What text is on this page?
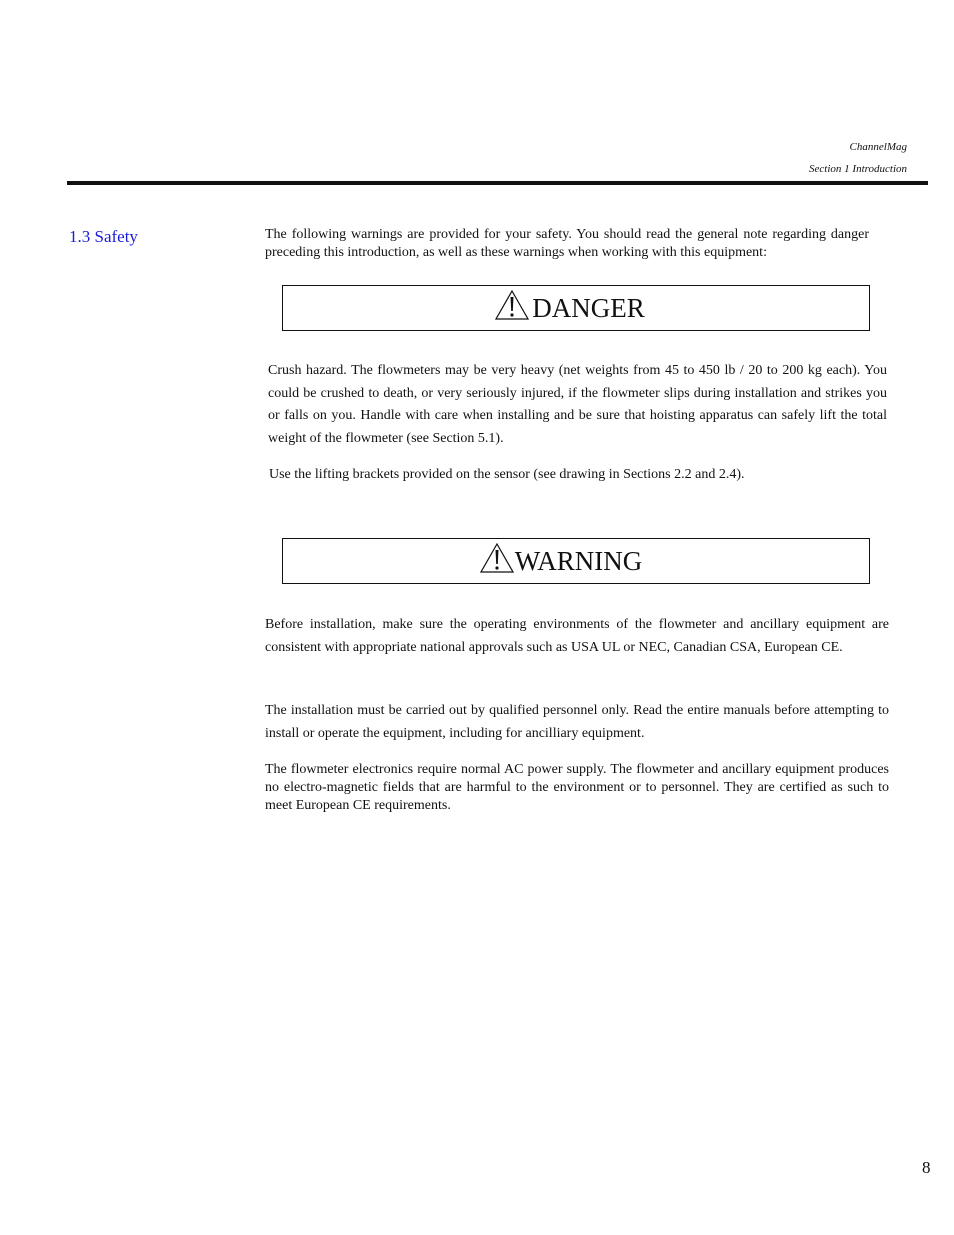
ChannelMag
Section 1 Introduction
1.3 Safety	The following warnings are provided for your safety. You should read the general note regarding danger preceding this introduction, as well as these warnings when working with this equipment:

DANGER

Crush hazard. The flowmeters may be very heavy (net weights from 45 to 450 lb / 20 to 200 kg each). You could be crushed to death, or very seriously injured, if the flowmeter slips during installation and strikes you or falls on you. Handle with care when installing and be sure that hoisting apparatus can safely lift the total weight of the flowmeter (see Section 5.1).

Use the lifting brackets provided on the sensor (see drawing in Sections 2.2 and 2.4).

WARNING

Before installation, make sure the operating environments of the flowmeter and ancillary equipment are consistent with appropriate national approvals such as USA UL or NEC, Canadian CSA, European CE.

The installation must be carried out by qualified personnel only. Read the entire manuals before attempting to install or operate the equipment, including for ancilliary equipment.

The flowmeter electronics require normal AC power supply. The flowmeter and ancillary equipment produces no electro-magnetic fields that are harmful to the environment or to personnel. They are certified as such to meet European CE requirements.

8
